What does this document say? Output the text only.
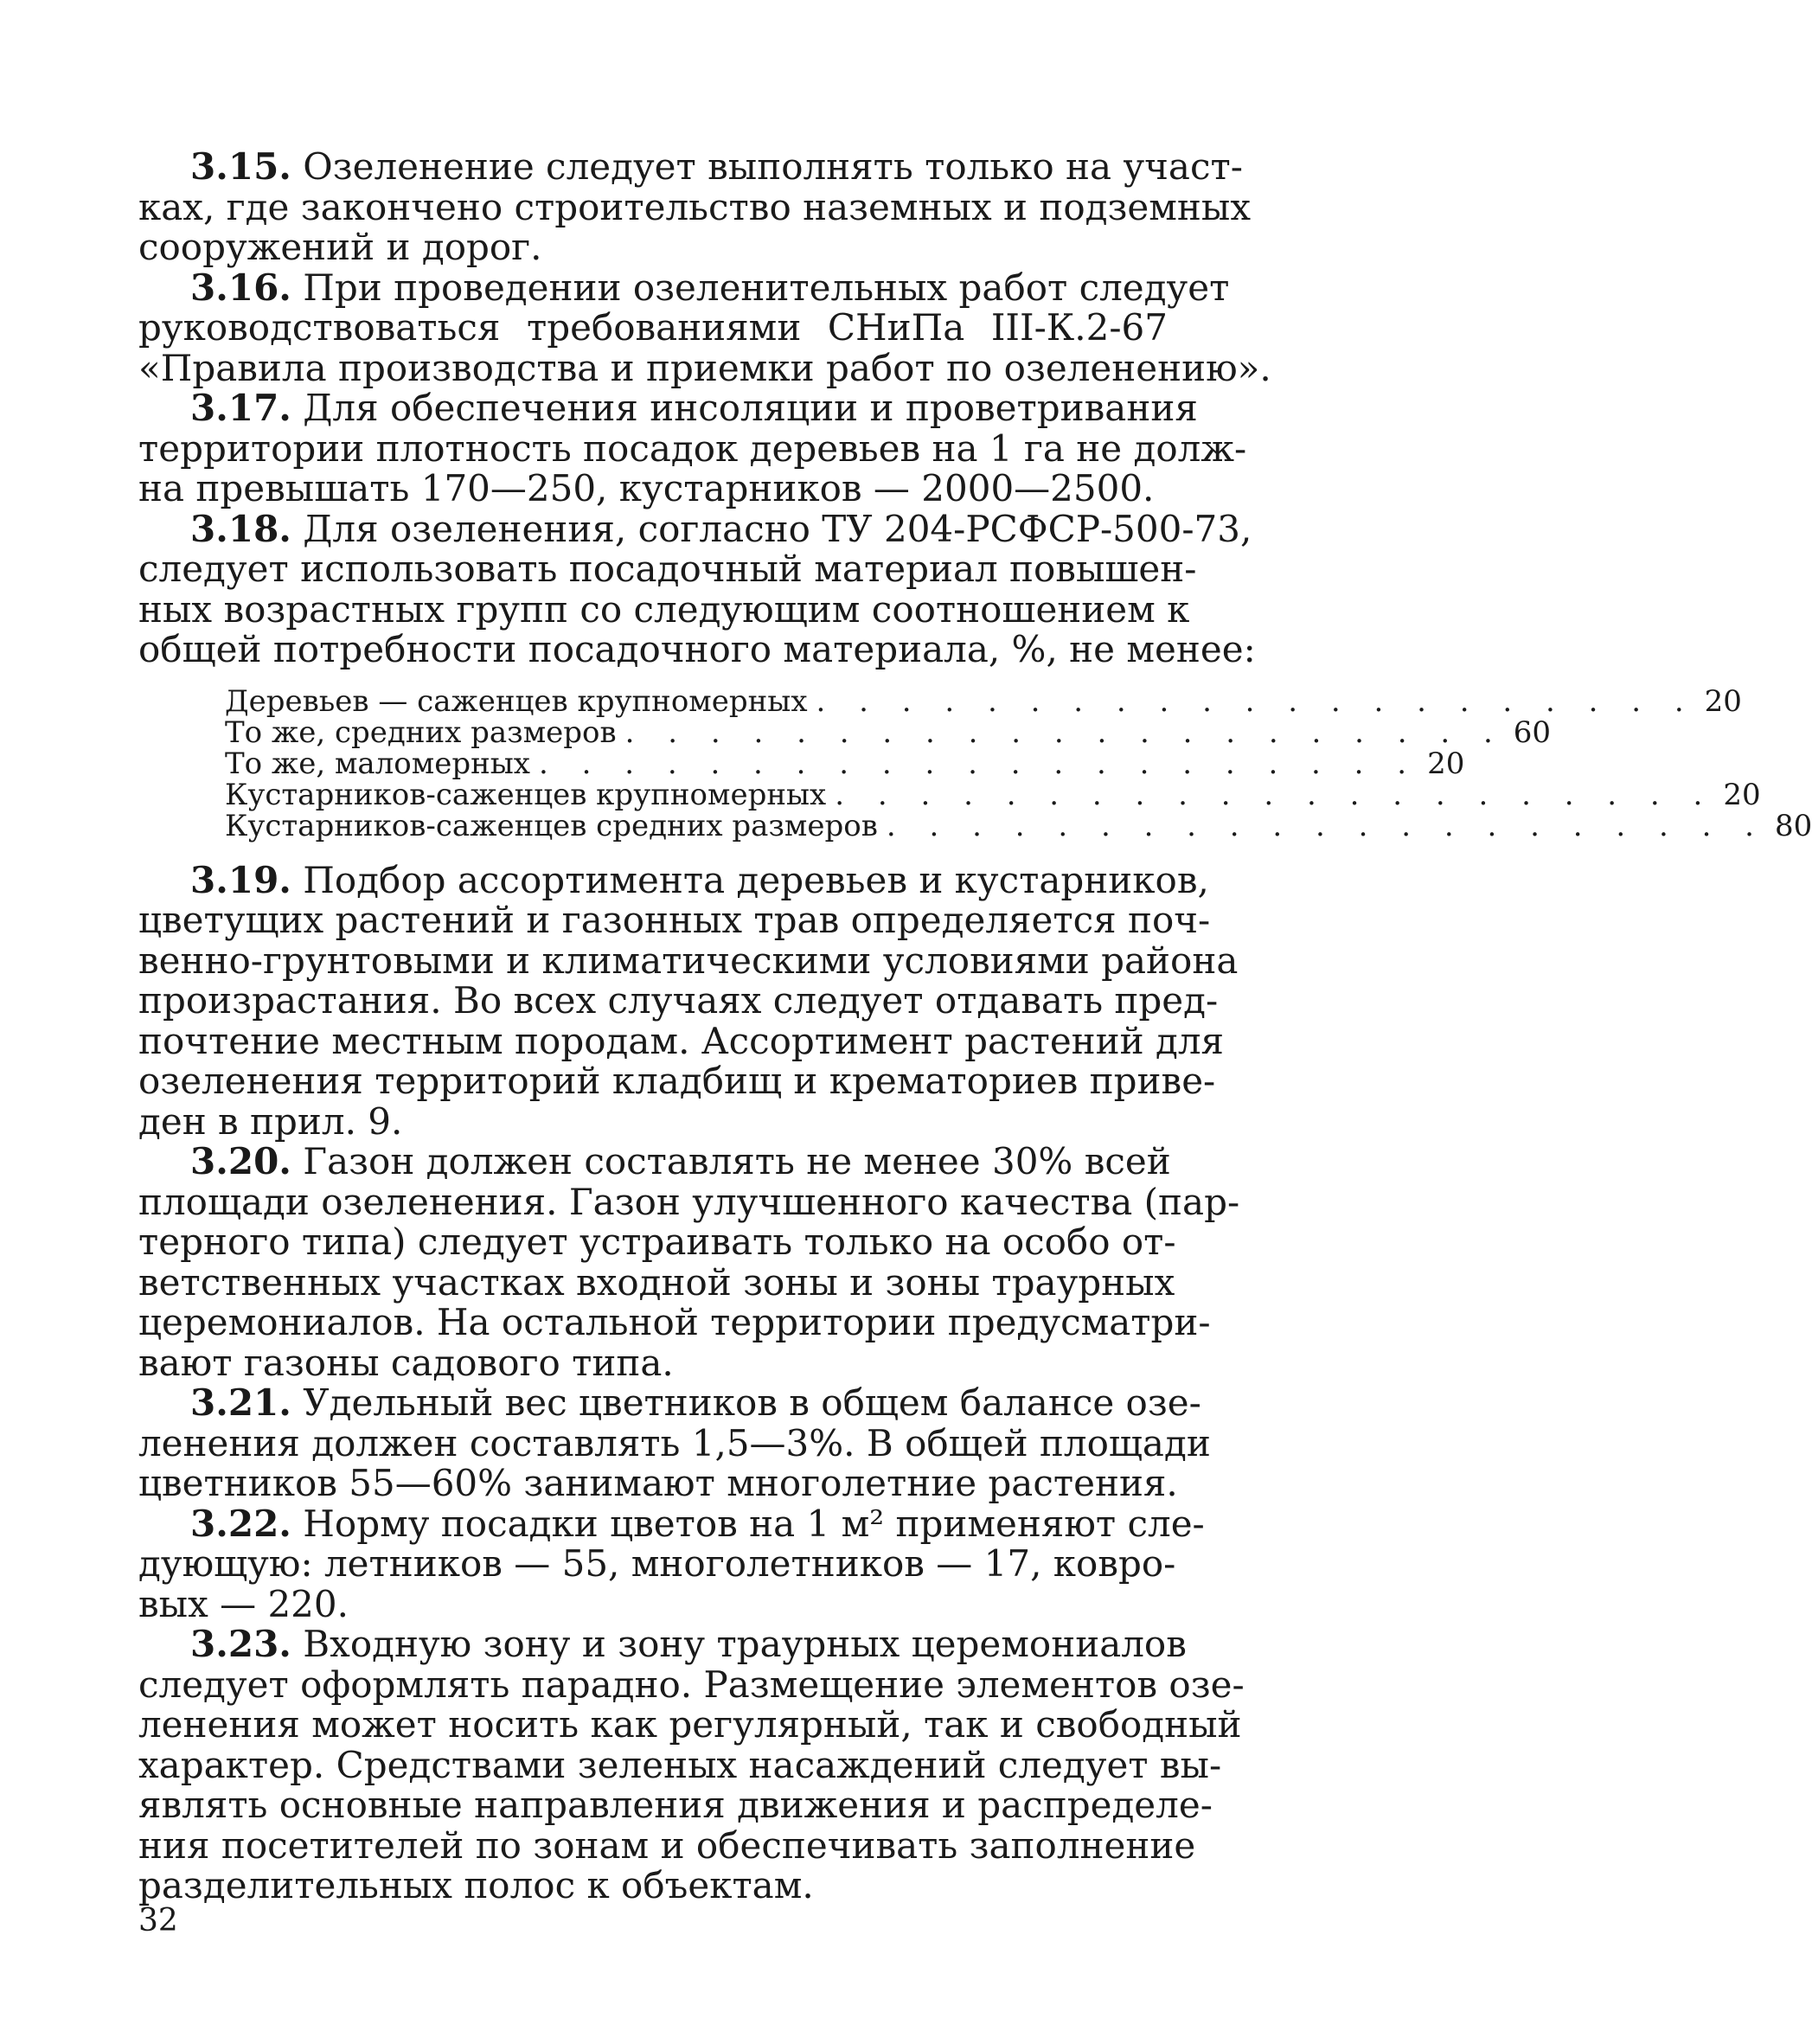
3.15. Озеленение следует выполнять только на участ-
ках, где закончено строительство наземных и подземных
сооружений и дорог.
3.16. При проведении озеленительных работ следует
руководствоваться требованиями СНиПа III-К.2-67
«Правила производства и приемки работ по озеленению».
3.17. Для обеспечения инсоляции и проветривания
территории плотность посадок деревьев на 1 га не долж-
на превышать 170—250, кустарников — 2000—2500.
3.18. Для озеленения, согласно ТУ 204-РСФСР-500-73,
следует использовать посадочный материал повышен-
ных возрастных групп со следующим соотношением к
общей потребности посадочного материала, %, не менее:
Деревьев — саженцев крупномерных . . . . . . . . . . . . . . . . . . . . . 20
То же, средних размеров . . . . . . . . . . . . . . . . . . . . . 60
То же, маломерных . . . . . . . . . . . . . . . . . . . . . 20
Кустарников-саженцев крупномерных . . . . . . . . . . . . . . . . . . . . . 20
Кустарников-саженцев средних размеров . . . . . . . . . . . . . . . . . . . . . 80
3.19. Подбор ассортимента деревьев и кустарников,
цветущих растений и газонных трав определяется поч-
венно-грунтовыми и климатическими условиями района
произрастания. Во всех случаях следует отдавать пред-
почтение местным породам. Ассортимент растений для
озеленения территорий кладбищ и крематориев приве-
ден в прил. 9.
3.20. Газон должен составлять не менее 30% всей
площади озеленения. Газон улучшенного качества (пар-
терного типа) следует устраивать только на особо от-
ветственных участках входной зоны и зоны траурных
церемониалов. На остальной территории предусматри-
вают газоны садового типа.
3.21. Удельный вес цветников в общем балансе озе-
ленения должен составлять 1,5—3%. В общей площади
цветников 55—60% занимают многолетние растения.
3.22. Норму посадки цветов на 1 м² применяют сле-
дующую: летников — 55, многолетников — 17, ковро-
вых — 220.
3.23. Входную зону и зону траурных церемониалов
следует оформлять парадно. Размещение элементов озе-
ленения может носить как регулярный, так и свободный
характер. Средствами зеленых насаждений следует вы-
являть основные направления движения и распределе-
ния посетителей по зонам и обеспечивать заполнение
разделительных полос к объектам.
32
